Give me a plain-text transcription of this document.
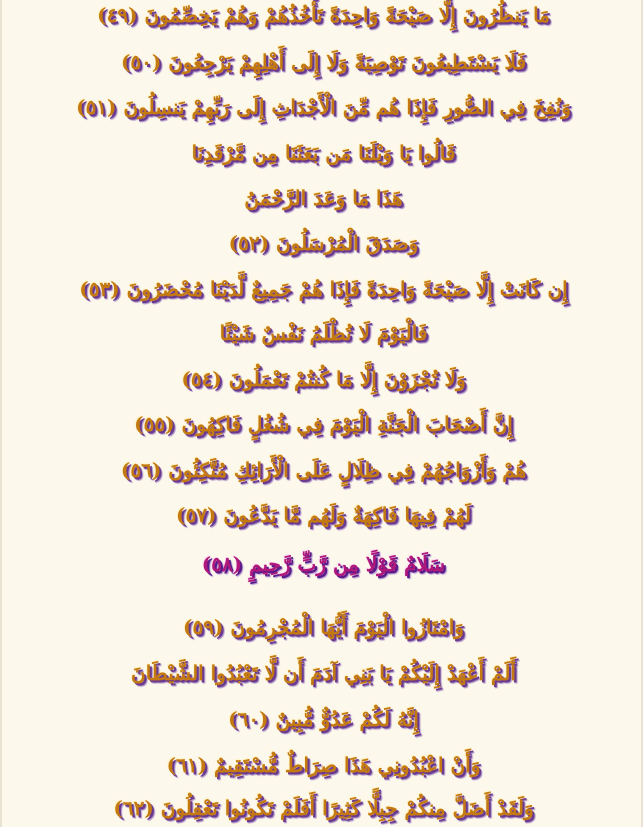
مَا يَنظُرُونَ إِلَّا صَيْحَةً وَاحِدَةً تَأْخُذُهُمْ وَهُمْ يَخِصِّمُونَ (٤٩)
فَلَا يَسْتَطِيعُونَ تَوْصِيَةً وَلَا إِلَى أَهْلِهِمْ يَرْجِعُونَ (٥٠)
وَنُفِخَ فِي الصُّورِ فَإِذَا هُم مِّنَ الْأَجْدَاثِ إِلَى رَبِّهِمْ يَنسِلُونَ (٥١)
قَالُوا يَا وَيْلَنَا مَن بَعَثَنَا مِن مَّرْقَدِنَا
هَذَا مَا وَعَدَ الرَّحْمَنُ
وَصَدَقَ الْمُرْسَلُونَ (٥٢)
إِن كَانَتْ إِلَّا صَيْحَةً وَاحِدَةً فَإِذَا هُمْ جَمِيعٌ لَّدَيْنَا مُحْضَرُونَ (٥٣)
فَالْيَوْمَ لَا تُظْلَمُ نَفْسٌ شَيْئًا
وَلَا تُجْزَوْنَ إِلَّا مَا كُنتُمْ تَعْمَلُونَ (٥٤)
إِنَّ أَصْحَابَ الْجَنَّةِ الْيَوْمَ فِي شُغُلٍ فَاكِهُونَ (٥٥)
هُمْ وَأَزْوَاجُهُمْ فِي ظِلَالٍ عَلَى الْأَرَائِكِ مُتَّكِئُونَ (٥٦)
لَهُمْ فِيهَا فَاكِهَةٌ وَلَهُم مَّا يَدَّعُونَ (٥٧)
سَلَامٌ قَوْلًا مِن رَّبٍّ رَّحِيمٍ (٥٨)
وَامْتَازُوا الْيَوْمَ أَيُّهَا الْمُجْرِمُونَ (٥٩)
أَلَمْ أَعْهَدْ إِلَيْكُمْ يَا بَنِي آدَمَ أَن لَّا تَعْبُدُوا الشَّيْطَانَ
إِنَّهُ لَكُمْ عَدُوٌّ مُّبِينٌ (٦٠)
وَأَنْ اعْبُدُونِي هَذَا صِرَاطٌ مُّسْتَقِيمٌ (٦١)
وَلَقَدْ أَضَلَّ مِنكُمْ جِبِلًّا كَثِيرًا أَفَلَمْ تَكُونُوا تَعْقِلُونَ (٦٢)
